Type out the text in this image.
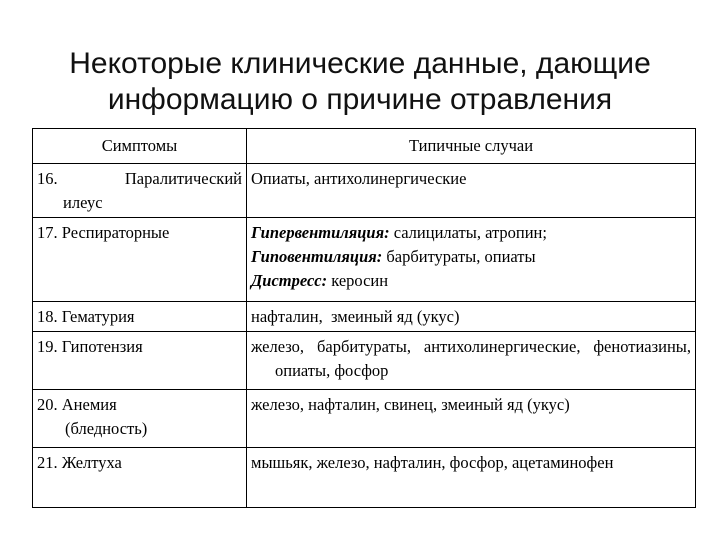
Некоторые клинические данные, дающие
информацию о причине отравления
Симптомы	Типичные случаи

16. Паралитический
илеус	Опиаты, антихолинергические

17. Респираторные	Гипервентиляция: салицилаты, атропин;
Гиповентиляция: барбитураты, опиаты
Дистресс: керосин

18. Гематурия	нафталин,  змеиный яд (укус)

19. Гипотензия	железо, барбитураты, антихолинергические, фенотиазины, опиаты, фосфор

20. Анемия (бледность)	железо, нафталин, свинец, змеиный яд (укус)

21. Желтуха	мышьяк, железо, нафталин, фосфор, ацетаминофен
